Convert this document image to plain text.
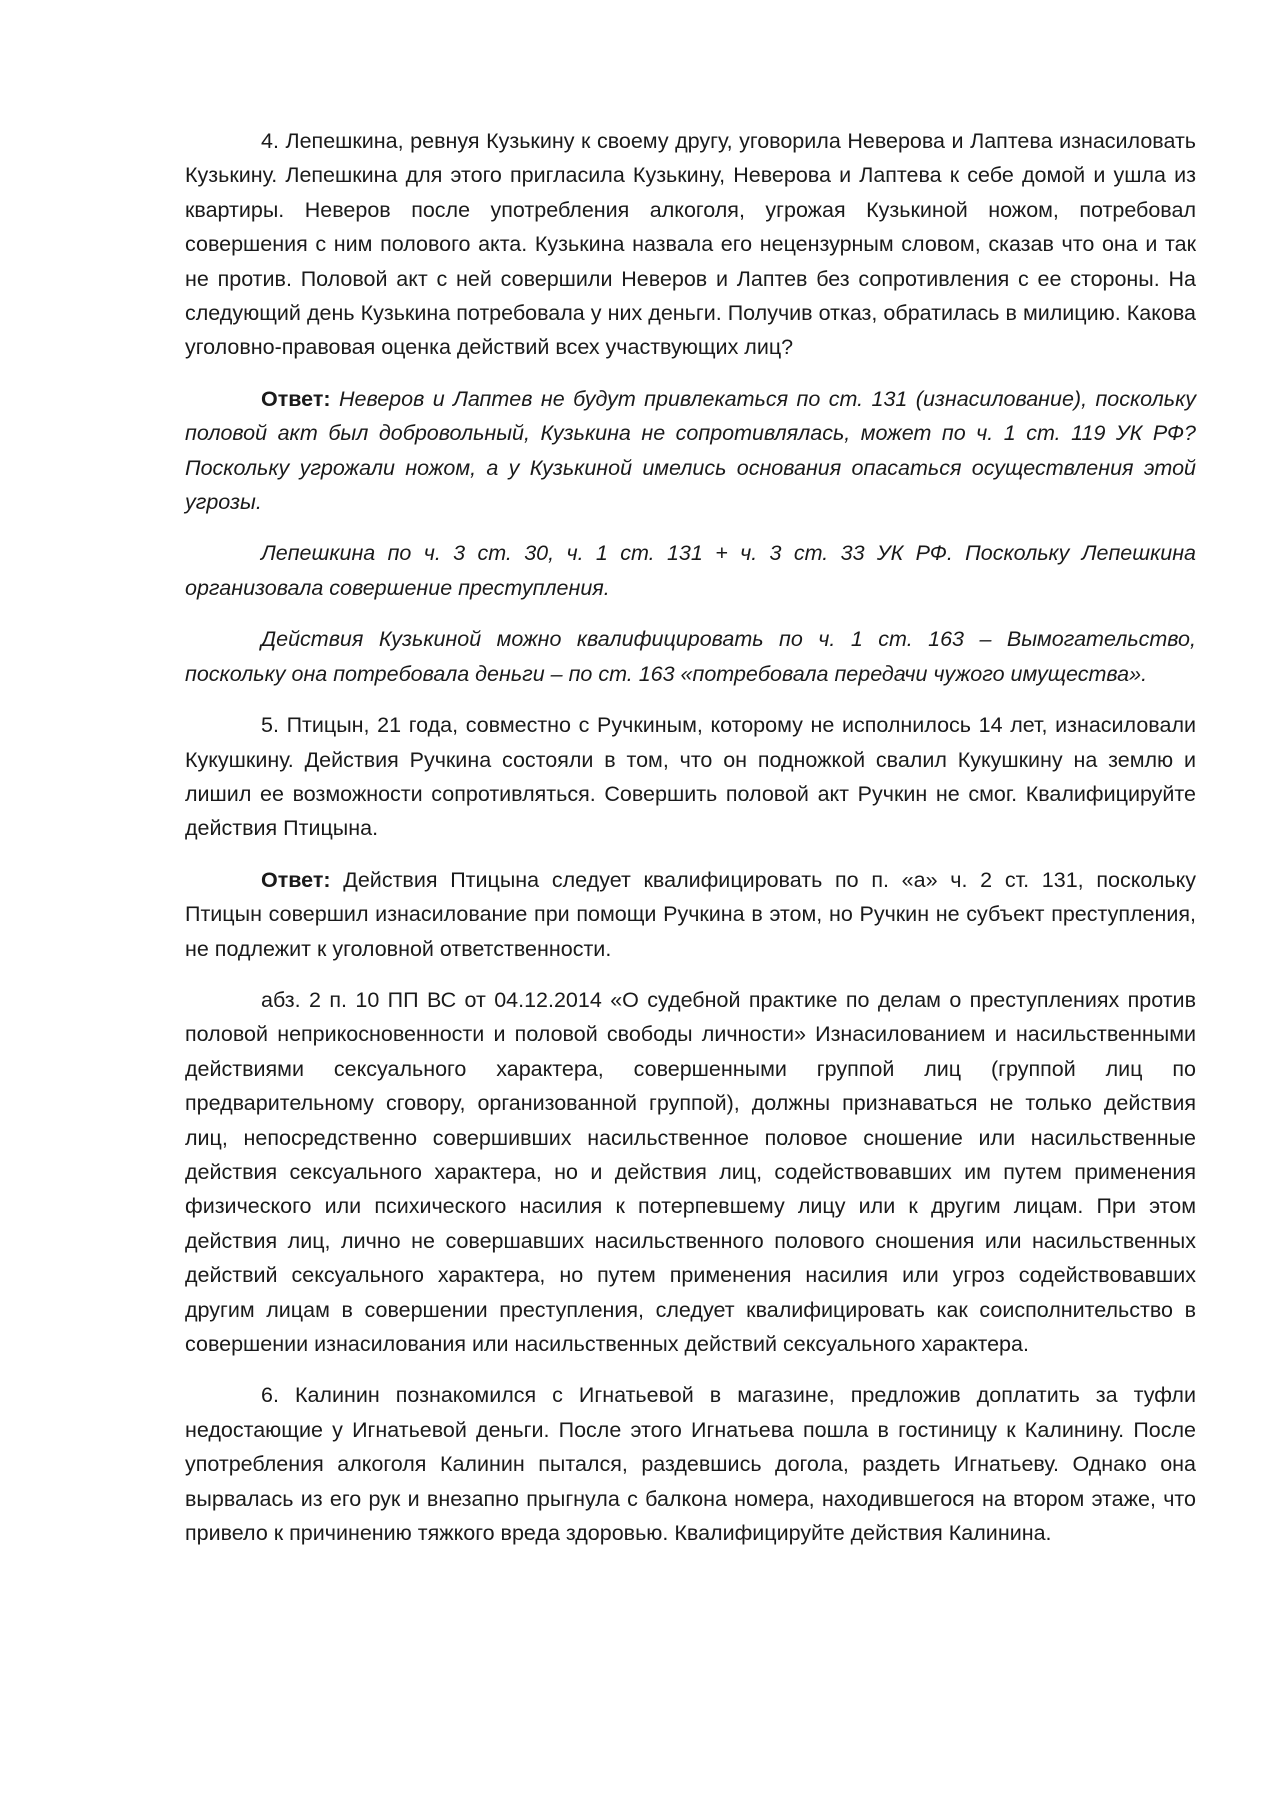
4. Лепешкина, ревнуя Кузькину к своему другу, уговорила Неверова и Лаптева изнасиловать Кузькину. Лепешкина для этого пригласила Кузькину, Неверова и Лаптева к себе домой и ушла из квартиры. Неверов после употребления алкоголя, угрожая Кузькиной ножом, потребовал совершения с ним полового акта. Кузькина назвала его нецензурным словом, сказав что она и так не против. Половой акт с ней совершили Неверов и Лаптев без сопротивления с ее стороны. На следующий день Кузькина потребовала у них деньги. Получив отказ, обратилась в милицию. Какова уголовно-правовая оценка действий всех участвующих лиц?

Ответ: Неверов и Лаптев не будут привлекаться по ст. 131 (изнасилование), поскольку половой акт был добровольный, Кузькина не сопротивлялась, может по ч. 1 ст. 119 УК РФ? Поскольку угрожали ножом, а у Кузькиной имелись основания опасаться осуществления этой угрозы.

Лепешкина по ч. 3 ст. 30, ч. 1 ст. 131 + ч. 3 ст. 33 УК РФ. Поскольку Лепешкина организовала совершение преступления.

Действия Кузькиной можно квалифицировать по ч. 1 ст. 163 – Вымогательство, поскольку она потребовала деньги – по ст. 163 «потребовала передачи чужого имущества».

5. Птицын, 21 года, совместно с Ручкиным, которому не исполнилось 14 лет, изнасиловали Кукушкину. Действия Ручкина состояли в том, что он подножкой свалил Кукушкину на землю и лишил ее возможности сопротивляться. Совершить половой акт Ручкин не смог. Квалифицируйте действия Птицына.

Ответ: Действия Птицына следует квалифицировать по п. «а» ч. 2 ст. 131, поскольку Птицын совершил изнасилование при помощи Ручкина в этом, но Ручкин не субъект преступления, не подлежит к уголовной ответственности.

абз. 2 п. 10 ПП ВС от 04.12.2014 «О судебной практике по делам о преступлениях против половой неприкосновенности и половой свободы личности» Изнасилованием и насильственными действиями сексуального характера, совершенными группой лиц (группой лиц по предварительному сговору, организованной группой), должны признаваться не только действия лиц, непосредственно совершивших насильственное половое сношение или насильственные действия сексуального характера, но и действия лиц, содействовавших им путем применения физического или психического насилия к потерпевшему лицу или к другим лицам. При этом действия лиц, лично не совершавших насильственного полового сношения или насильственных действий сексуального характера, но путем применения насилия или угроз содействовавших другим лицам в совершении преступления, следует квалифицировать как соисполнительство в совершении изнасилования или насильственных действий сексуального характера.

6. Калинин познакомился с Игнатьевой в магазине, предложив доплатить за туфли недостающие у Игнатьевой деньги. После этого Игнатьева пошла в гостиницу к Калинину. После употребления алкоголя Калинин пытался, раздевшись догола, раздеть Игнатьеву. Однако она вырвалась из его рук и внезапно прыгнула с балкона номера, находившегося на втором этаже, что привело к причинению тяжкого вреда здоровью. Квалифицируйте действия Калинина.
